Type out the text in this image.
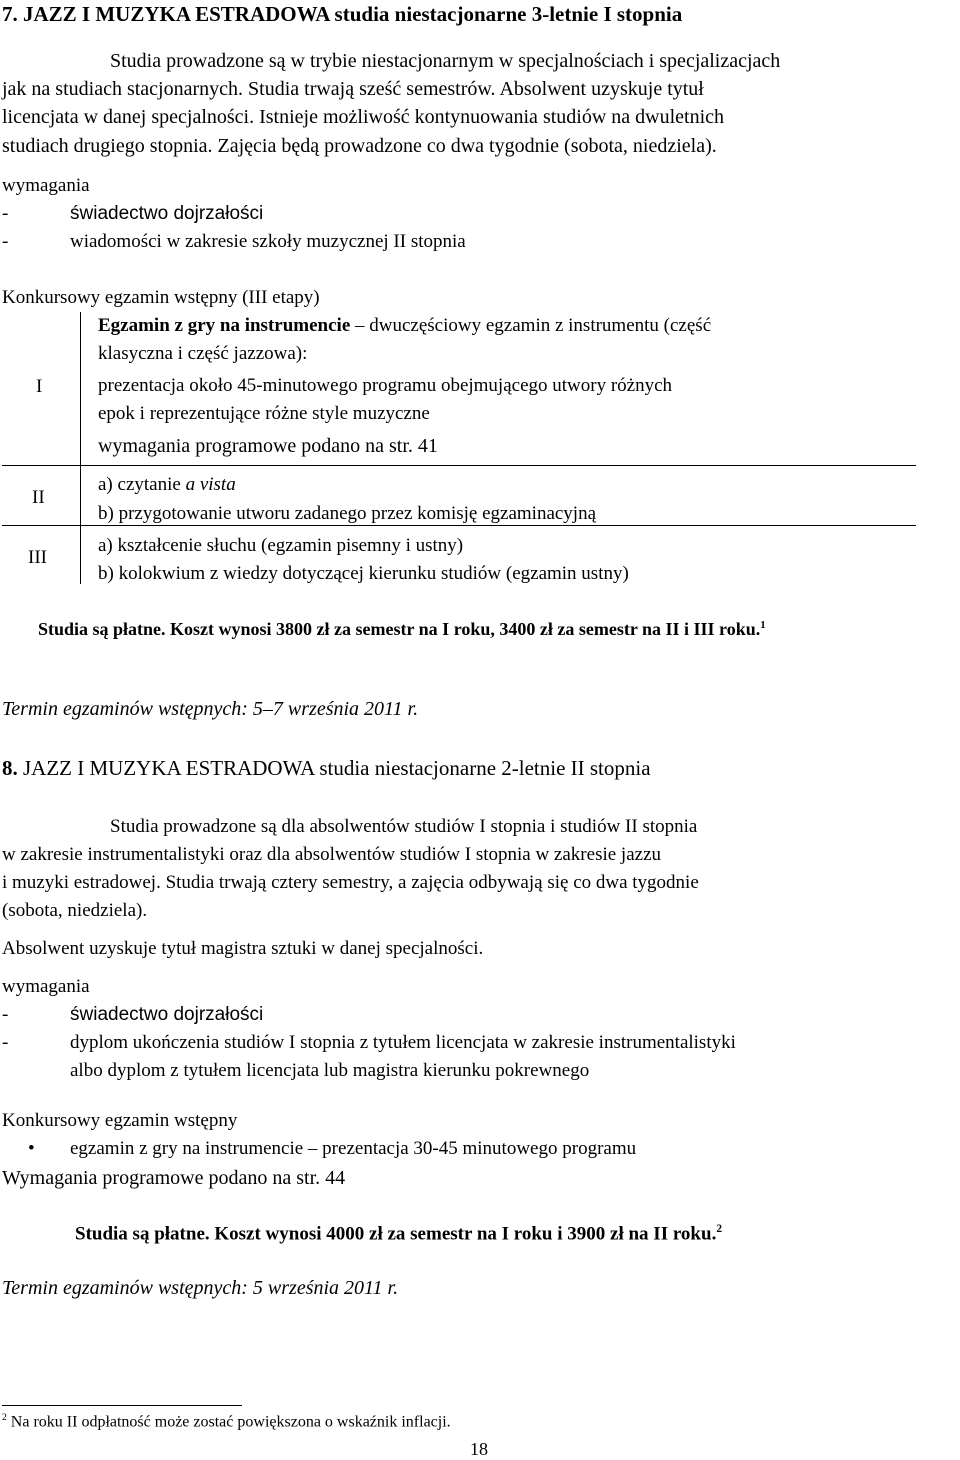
7. JAZZ I MUZYKA ESTRADOWA studia niestacjonarne 3-letnie I stopnia
Studia prowadzone są w trybie niestacjonarnym w specjalnościach i specjalizacjach
jak na studiach stacjonarnych. Studia trwają sześć semestrów. Absolwent uzyskuje tytuł
licencjata w danej specjalności. Istnieje możliwość kontynuowania studiów na dwuletnich
studiach drugiego stopnia. Zajęcia będą prowadzone co dwa tygodnie (sobota, niedziela).
wymagania
-	świadectwo dojrzałości
-	wiadomości w zakresie szkoły muzycznej II stopnia
Konkursowy egzamin wstępny (III etapy)
I
Egzamin z gry na instrumencie – dwuczęściowy egzamin z instrumentu (część
klasyczna i część jazzowa):
prezentacja około 45-minutowego programu obejmującego utwory różnych
epok i reprezentujące różne style muzyczne
wymagania programowe podano na str. 41
II
a) czytanie a vista
b) przygotowanie utworu zadanego przez komisję egzaminacyjną
III
a) kształcenie słuchu (egzamin pisemny i ustny)
b) kolokwium z wiedzy dotyczącej kierunku studiów (egzamin ustny)
Studia są płatne. Koszt wynosi 3800 zł za semestr na I roku, 3400 zł za semestr na II i III roku.$^1$
Termin egzaminów wstępnych: 5–7 września 2011 r.
8. JAZZ I MUZYKA ESTRADOWA studia niestacjonarne 2-letnie II stopnia
Studia prowadzone są dla absolwentów studiów I stopnia i studiów II stopnia
w zakresie instrumentalistyki oraz dla absolwentów studiów I stopnia w zakresie jazzu
i muzyki estradowej. Studia trwają cztery semestry, a zajęcia odbywają się co dwa tygodnie
(sobota, niedziela).
Absolwent uzyskuje tytuł magistra sztuki w danej specjalności.
wymagania
-	świadectwo dojrzałości
-	dyplom ukończenia studiów I stopnia z tytułem licencjata w zakresie instrumentalistyki
albo dyplom z tytułem licencjata lub magistra kierunku pokrewnego
Konkursowy egzamin wstępny
• egzamin z gry na instrumencie – prezentacja 30-45 minutowego programu
Wymagania programowe podano na str. 44
Studia są płatne. Koszt wynosi 4000 zł za semestr na I roku i 3900 zł na II roku.$^2$
Termin egzaminów wstępnych: 5 września 2011 r.
$^2$ Na roku II odpłatność może zostać powiększona o wskaźnik inflacji.
18
